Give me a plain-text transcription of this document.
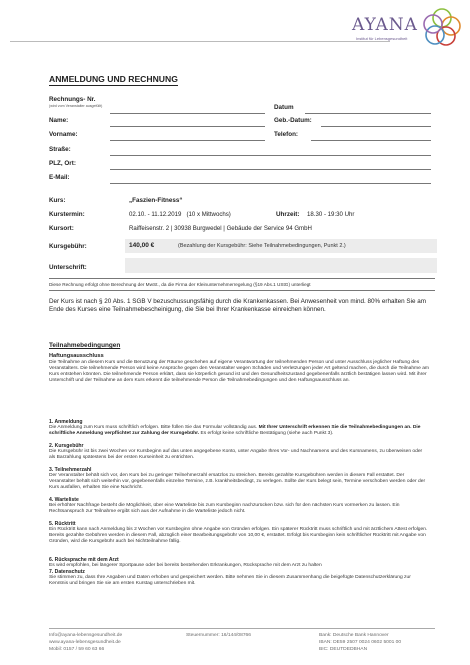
AYANA
Institut für Lebensgesundheit
ANMELDUNG UND RECHNUNG
Rechnungs- Nr.
(wird vom Veranstalter ausgefüllt)	Datum
Name:	Geb.-Datum:
Vorname:	Telefon:
Straße:
PLZ, Ort:
E-Mail:
Kurs:	„Faszien-Fitness“
Kurstermin:	02.10. - 11.12.2019   (10 x Mittwochs)	Uhrzeit: 18.30 - 19:30 Uhr
Kursort:	Raiffeisenstr. 2 | 30938 Burgwedel | Gebäude der Service 94 GmbH
Kursgebühr:	140,00 €	(Bezahlung der Kursgebühr: Siehe Teilnahmebedingungen, Punkt 2.)
Unterschrift:
Diese Rechnung erfolgt ohne Berechnung der MwSt., da die Firma der Kleinunternehmerregelung (§19 Abs.1 UStG) unterliegt
Der Kurs ist nach § 20 Abs. 1 SGB V bezuschussungsfähig durch die Krankenkassen. Bei Anwesenheit von mind. 80% erhalten Sie am Ende des Kurses eine Teilnahmebescheinigung, die Sie bei Ihrer Krankenkasse einreichen können.
Teilnahmebedingungen
Haftungsausschluss
Die Teilnahme an diesem Kurs und die Benutzung der Räume geschehen auf eigene Verantwortung der teilnehmenden Person und unter Ausschluss jeglicher Haftung des Veranstalters. Die teilnehmende Person wird keine Ansprüche gegen den Veranstalter wegen Schäden und Verletzungen jeder Art geltend machen, die durch die Teilnahme am Kurs entstehen könnten. Die teilnehmende Person erklärt, dass sie körperlich gesund ist und den Gesundheitszustand gegebenenfalls ärztlich bestätigen lassen wird. Mit ihrer Unterschrift und der Teilnahme an dem Kurs erkennt die teilnehmende Person die Teilnahmebedingungen und den Haftungsausschluss an.
1. Anmeldung
Die Anmeldung zum Kurs muss schriftlich erfolgen. Bitte füllen Sie das Formular vollständig aus. Mit Ihrer Unterschrift erkennen Sie die Teilnahmebedingungen an. Die schriftliche Anmeldung verpflichtet zur Zahlung der Kursgebühr. Es erfolgt keine schriftliche Bestätigung (siehe auch Punkt 3).
2. Kursgebühr
Die Kursgebühr ist bis zwei Wochen vor Kursbeginn auf das unten angegebene Konto, unter Angabe Ihres Vor- und Nachnamens und des Kursnamens, zu überweisen oder als Barzahlung spätestens bei der ersten Kurseinheit zu entrichten.
3. Teilnehmerzahl
Der Veranstalter behält sich vor, den Kurs bei zu geringer Teilnehmerzahl ersatzlos zu streichen. Bereits gezahlte Kursgebühren werden in diesem Fall erstattet. Der Veranstalter behält sich weiterhin vor, gegebenenfalls einzelne Termine, z.B. krankheitsbedingt, zu verlegen. Sollte der Kurs belegt sein, Termine verschoben werden oder der Kurs ausfallen, erhalten Sie eine Nachricht.
4. Warteliste
Bei erhöhter Nachfrage besteht die Möglichkeit, über eine Warteliste bis zum Kursbeginn nachzurücken bzw. sich für den nächsten Kurs vormerken zu lassen. Ein Rechtsanspruch zur Teilnahme ergibt sich aus der Aufnahme in die Warteliste jedoch nicht.
5. Rücktritt
Ein Rücktritt kann nach Anmeldung bis 2 Wochen vor Kursbeginn ohne Angabe von Gründen erfolgen. Ein späterer Rücktritt muss schriftlich und mit ärztlichem Attest erfolgen. Bereits gezahlte Gebühren werden in diesem Fall, abzüglich einer Bearbeitungsgebühr von 10,00 €, erstattet. Erfolgt bis Kursbeginn kein schriftlicher Rücktritt mit Angabe von Gründen, wird die Kursgebühr auch bei Nichtteilnahme fällig.
6. Rücksprache mit dem Arzt
Es wird empfohlen, bei längerer Sportpause oder bei bereits bestehenden Erkrankungen, Rücksprache mit dem Arzt zu halten
7. Datenschutz
Sie stimmen zu, dass Ihre Angaben und Daten erhoben und gespeichert werden. Bitte nehmen Sie in diesem Zusammenhang die beigefügte Datenschutzerklärung zur Kenntnis und bringen Sie sie am ersten Kurstag unterschrieben mit.
Info@ayana-lebensgesundheit.de
www.ayana-lebensgesundheit.de
Mobil: 0157 / 59 60 63 66
Steuernummer: 16/144/08766	Bank: Deutsche Bank Hannover
IBAN: DE59 2507 0024 0602 5001 00
BIC: DEUTDEDBHAN
